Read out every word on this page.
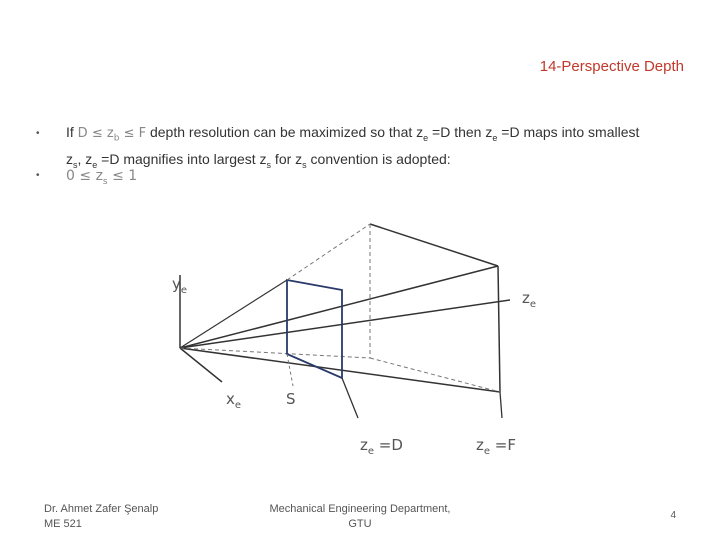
14-Perspective Depth
• If $D \le z_b \le F$ depth resolution can be maximized so that $z_e =D$ then $z_e =D$ maps into smallest
$z_s$, $z_e =D$ magnifies into largest $z_s$ for $z_s$ convention is adopted:
• $0 \le z_s \le 1$
$y_e$	$z_e$
$x_e$	S
$z_e =D$	$z_e =F$
Dr. Ahmet Zafer Şenalp
ME 521
Mechanical Engineering Department,
GTU
4
